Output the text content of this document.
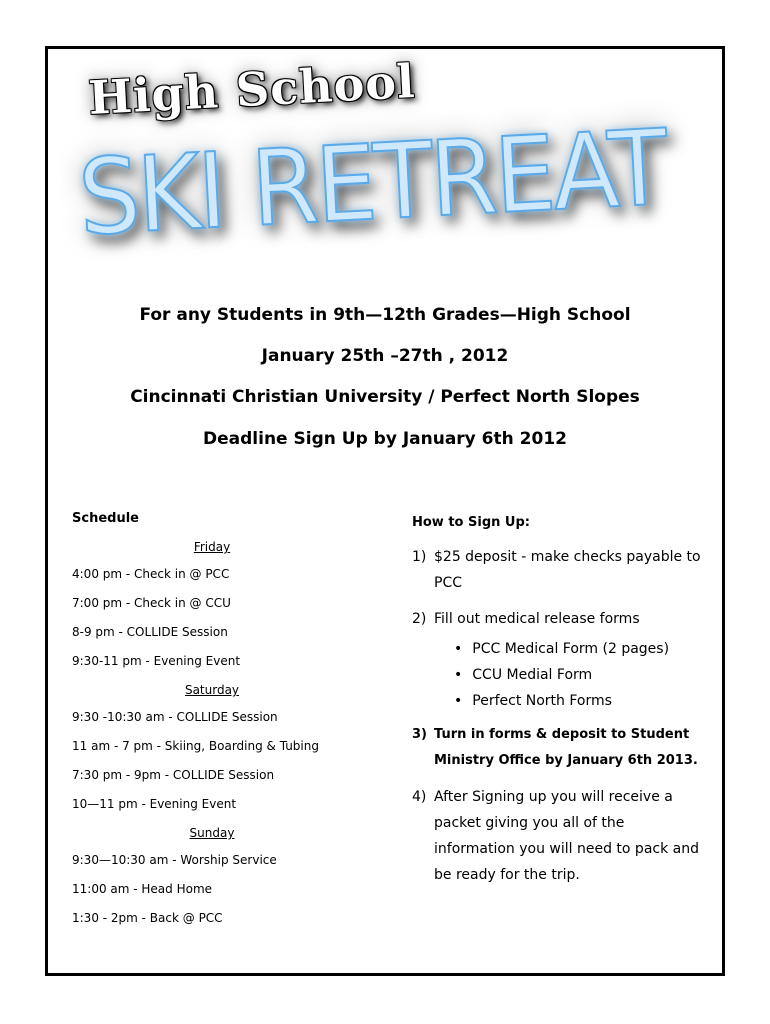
High School
SKI RETREAT
For any Students in 9th—12th Grades—High School
January 25th –27th , 2012
Cincinnati Christian University / Perfect North Slopes
Deadline Sign Up by January 6th 2012
Schedule
Friday
4:00 pm - Check in @ PCC
7:00 pm - Check in @ CCU
8-9 pm - COLLIDE Session
9:30-11 pm - Evening Event
Saturday
9:30 -10:30 am - COLLIDE Session
11 am - 7 pm - Skiing, Boarding & Tubing
7:30 pm - 9pm - COLLIDE Session
10—11 pm - Evening Event
Sunday
9:30—10:30 am - Worship Service
11:00 am - Head Home
1:30 - 2pm - Back @ PCC
How to Sign Up:
1) $25 deposit - make checks payable to PCC
2) Fill out medical release forms
• PCC Medical Form (2 pages)
• CCU Medial Form
• Perfect North Forms
3) Turn in forms & deposit to Student Ministry Office by January 6th 2013.
4) After Signing up you will receive a packet giving you all of the information you will need to pack and be ready for the trip.
